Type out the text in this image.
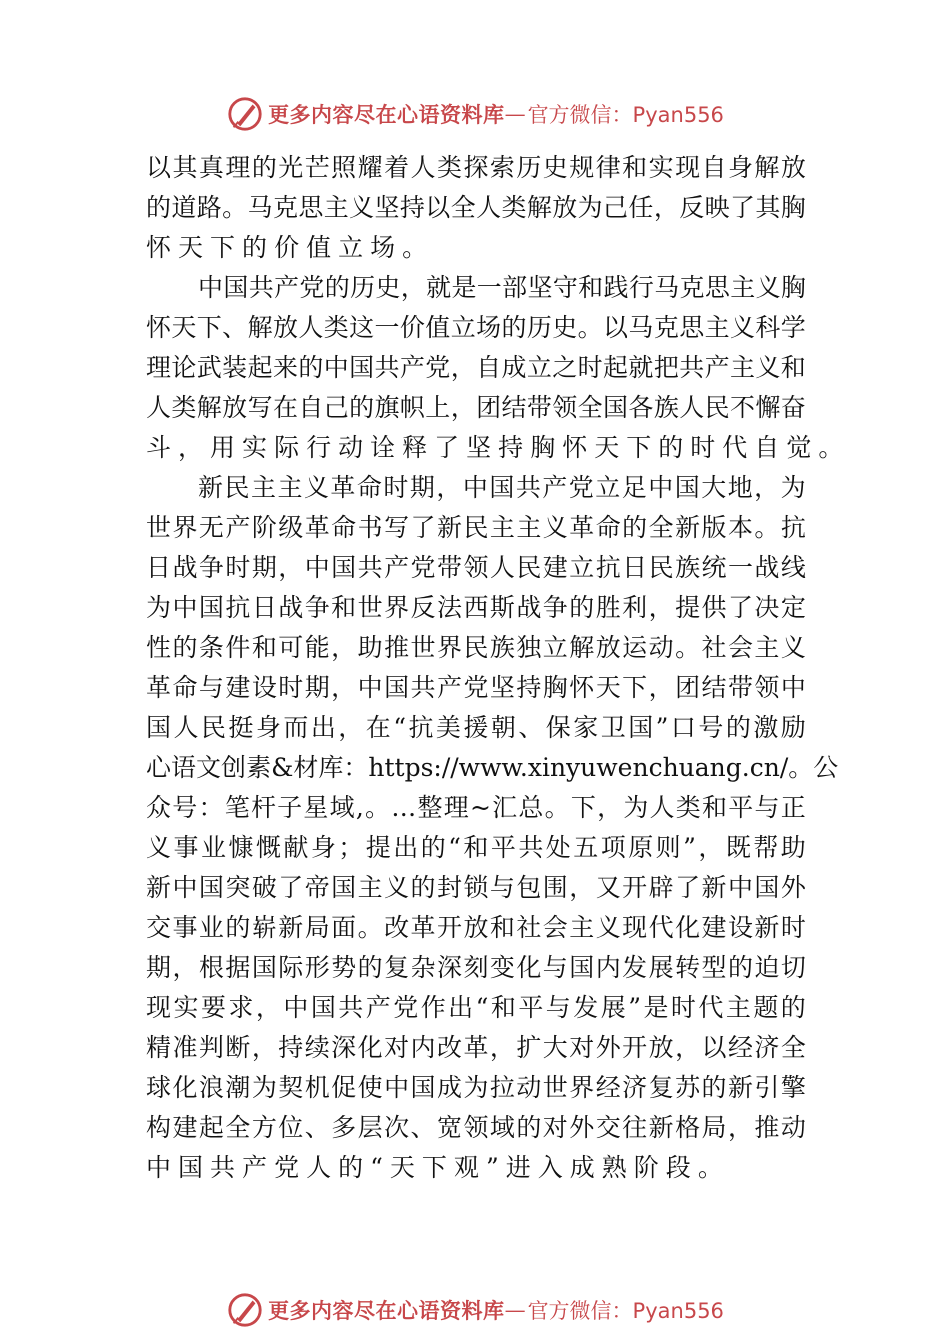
更多内容尽在心语资料库 — 官方微信：Pyan556
以 其 真 理 的 光 芒 照 耀 着 人 类 探 索 历 史 规 律 和 实 现 自 身 解 放
的 道 路 。 马 克 思 主 义 坚 持 以 全 人 类 解 放 为 己 任 ， 反 映 了 其 胸
怀 天 下 的 价 值 立 场 。
中 国 共 产 党 的 历 史 ， 就 是 一 部 坚 守 和 践 行 马 克 思 主 义 胸
怀 天 下 、 解 放 人 类 这 一 价 值 立 场 的 历 史 。 以 马 克 思 主 义 科 学
理 论 武 装 起 来 的 中 国 共 产 党 ， 自 成 立 之 时 起 就 把 共 产 主 义 和
人 类 解 放 写 在 自 己 的 旗 帜 上 ， 团 结 带 领 全 国 各 族 人 民 不 懈 奋
斗 ， 用 实 际 行 动 诠 释 了 坚 持 胸 怀 天 下 的 时 代 自 觉 。
新 民 主 主 义 革 命 时 期 ， 中 国 共 产 党 立 足 中 国 大 地 ， 为
世 界 无 产 阶 级 革 命 书 写 了 新 民 主 主 义 革 命 的 全 新 版 本 。 抗
日 战 争 时 期 ， 中 国 共 产 党 带 领 人 民 建 立 抗 日 民 族 统 一 战 线
为 中 国 抗 日 战 争 和 世 界 反 法 西 斯 战 争 的 胜 利 ， 提 供 了 决 定
性 的 条 件 和 可 能 ， 助 推 世 界 民 族 独 立 解 放 运 动 。 社 会 主 义
革 命 与 建 设 时 期 ， 中 国 共 产 党 坚 持 胸 怀 天 下 ， 团 结 带 领 中
国 人 民 挺 身 而 出 ， 在 “ 抗 美 援 朝 、 保 家 卫 国 ” 口 号 的 激 励
心 语 文 创 素 & 材 库 ： https://www.xinyuwenchuang.cn/ 。 公
众 号 ： 笔 杆 子 星 域 , 。 … 整 理 ~ 汇 总 。 下 ， 为 人 类 和 平 与 正
义 事 业 慷 慨 献 身 ； 提 出 的 “ 和 平 共 处 五 项 原 则 ” ， 既 帮 助
新 中 国 突 破 了 帝 国 主 义 的 封 锁 与 包 围 ， 又 开 辟 了 新 中 国 外
交 事 业 的 崭 新 局 面 。 改 革 开 放 和 社 会 主 义 现 代 化 建 设 新 时
期 ， 根 据 国 际 形 势 的 复 杂 深 刻 变 化 与 国 内 发 展 转 型 的 迫 切
现 实 要 求 ， 中 国 共 产 党 作 出 “ 和 平 与 发 展 ” 是 时 代 主 题 的
精 准 判 断 ， 持 续 深 化 对 内 改 革 ， 扩 大 对 外 开 放 ， 以 经 济 全
球 化 浪 潮 为 契 机 促 使 中 国 成 为 拉 动 世 界 经 济 复 苏 的 新 引 擎
构 建 起 全 方 位 、 多 层 次 、 宽 领 域 的 对 外 交 往 新 格 局 ， 推 动
中 国 共 产 党 人 的 “ 天 下 观 ” 进 入 成 熟 阶 段 。
更多内容尽在心语资料库 — 官方微信：Pyan556
